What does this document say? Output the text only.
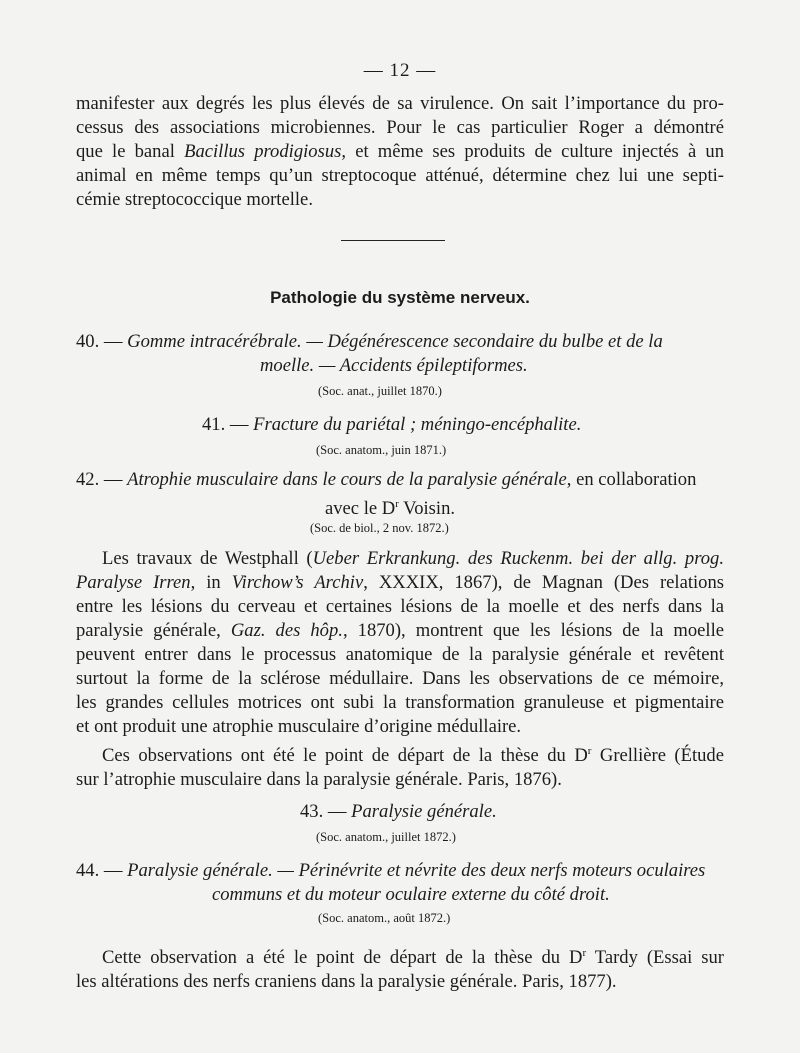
— 12 —
manifester aux degrés les plus élevés de sa virulence. On sait l’importance du pro-
cessus des associations microbiennes. Pour le cas particulier Roger a démontré
que le banal Bacillus prodigiosus, et même ses produits de culture injectés à un
animal en même temps qu’un streptocoque atténué, détermine chez lui une septi-
cémie streptococcique mortelle.
Pathologie du système nerveux.
40. — Gomme intracérébrale. — Dégénérescence secondaire du bulbe et de la
moelle. — Accidents épileptiformes.
(Soc. anat., juillet 1870.)
41. — Fracture du pariétal ; méningo-encéphalite.
(Soc. anatom., juin 1871.)
42. — Atrophie musculaire dans le cours de la paralysie générale, en collaboration
avec le $D^r$ Voisin.
(Soc. de biol., 2 nov. 1872.)
Les travaux de Westphall (Ueber Erkrankung. des Ruckenm. bei der allg. prog.
Paralyse Irren, in Virchow’s Archiv, XXXIX, 1867), de Magnan (Des relations
entre les lésions du cerveau et certaines lésions de la moelle et des nerfs dans la
paralysie générale, Gaz. des hôp., 1870), montrent que les lésions de la moelle
peuvent entrer dans le processus anatomique de la paralysie générale et revêtent
surtout la forme de la sclérose médullaire. Dans les observations de ce mémoire,
les grandes cellules motrices ont subi la transformation granuleuse et pigmentaire
et ont produit une atrophie musculaire d’origine médullaire.
Ces observations ont été le point de départ de la thèse du $D^r$ Grellière (Étude
sur l’atrophie musculaire dans la paralysie générale. Paris, 1876).
43. — Paralysie générale.
(Soc. anatom., juillet 1872.)
44. — Paralysie générale. — Périnévrite et névrite des deux nerfs moteurs oculaires
communs et du moteur oculaire externe du côté droit.
(Soc. anatom., août 1872.)
Cette observation a été le point de départ de la thèse du $D^r$ Tardy (Essai sur
les altérations des nerfs craniens dans la paralysie générale. Paris, 1877).
